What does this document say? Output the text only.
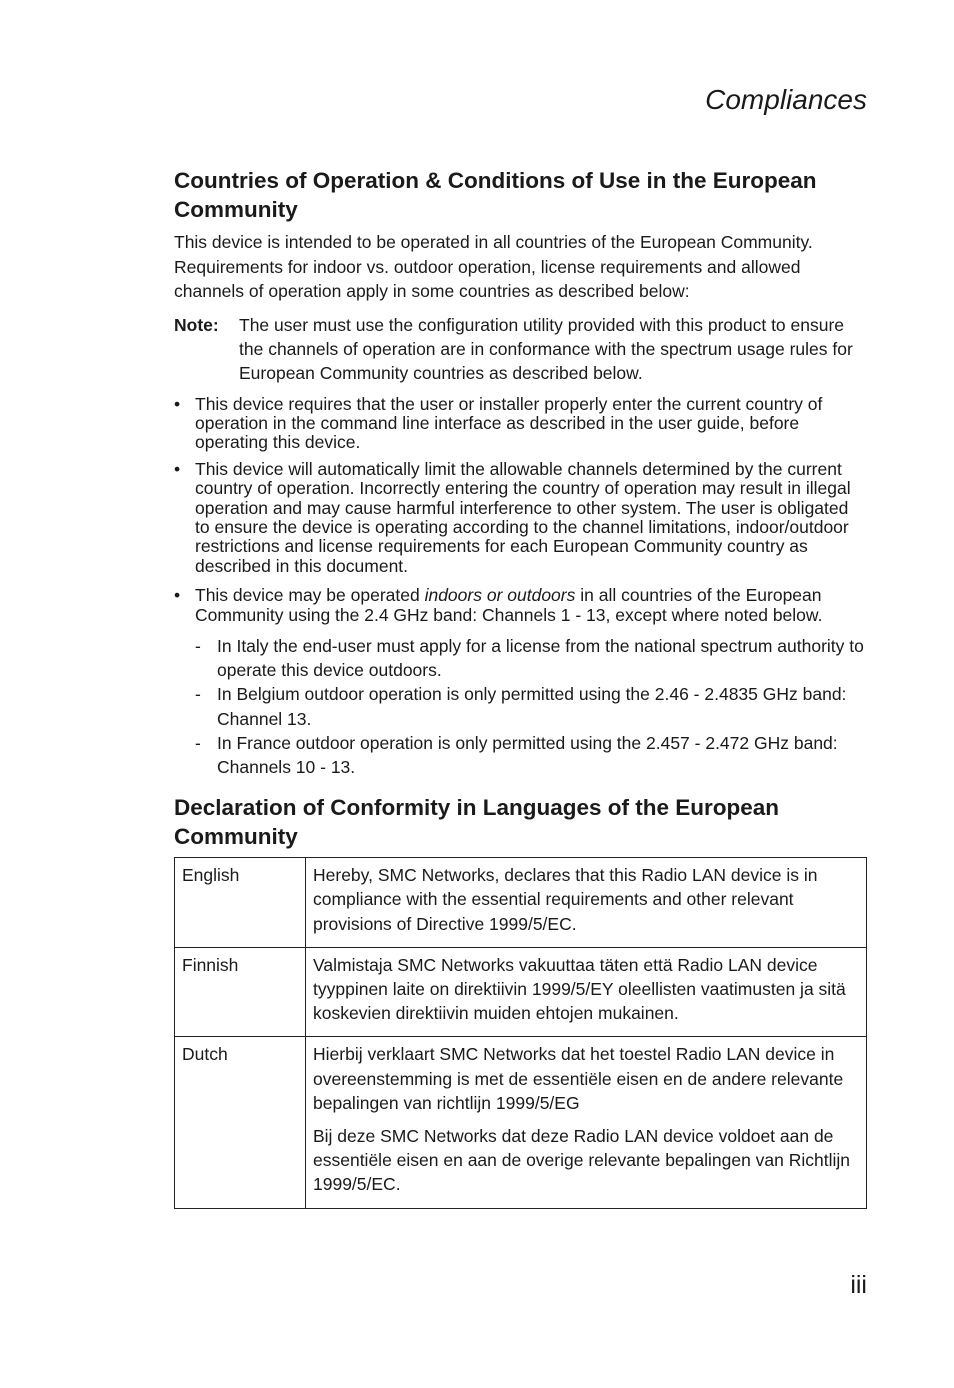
Compliances
Countries of Operation & Conditions of Use in the European Community

This device is intended to be operated in all countries of the European Community. Requirements for indoor vs. outdoor operation, license requirements and allowed channels of operation apply in some countries as described below:

Note:	The user must use the configuration utility provided with this product to ensure the channels of operation are in conformance with the spectrum usage rules for European Community countries as described below.
• This device requires that the user or installer properly enter the current country of operation in the command line interface as described in the user guide, before operating this device.
• This device will automatically limit the allowable channels determined by the current country of operation. Incorrectly entering the country of operation may result in illegal operation and may cause harmful interference to other system. The user is obligated to ensure the device is operating according to the channel limitations, indoor/outdoor restrictions and license requirements for each European Community country as described in this document.
• This device may be operated indoors or outdoors in all countries of the European Community using the 2.4 GHz band: Channels 1 - 13, except where noted below.
- In Italy the end-user must apply for a license from the national spectrum authority to operate this device outdoors.
- In Belgium outdoor operation is only permitted using the 2.46 - 2.4835 GHz band: Channel 13.
- In France outdoor operation is only permitted using the 2.457 - 2.472 GHz band: Channels 10 - 13.
Declaration of Conformity in Languages of the European Community
English	Hereby, SMC Networks, declares that this Radio LAN device is in compliance with the essential requirements and other relevant provisions of Directive 1999/5/EC.
Finnish	Valmistaja SMC Networks vakuuttaa täten että Radio LAN device tyyppinen laite on direktiivin 1999/5/EY oleellisten vaatimusten ja sitä koskevien direktiivin muiden ehtojen mukainen.
Dutch	Hierbij verklaart SMC Networks dat het toestel Radio LAN device in overeenstemming is met de essentiële eisen en de andere relevante bepalingen van richtlijn 1999/5/EG
Bij deze SMC Networks dat deze Radio LAN device voldoet aan de essentiële eisen en aan de overige relevante bepalingen van Richtlijn 1999/5/EC.
iii
